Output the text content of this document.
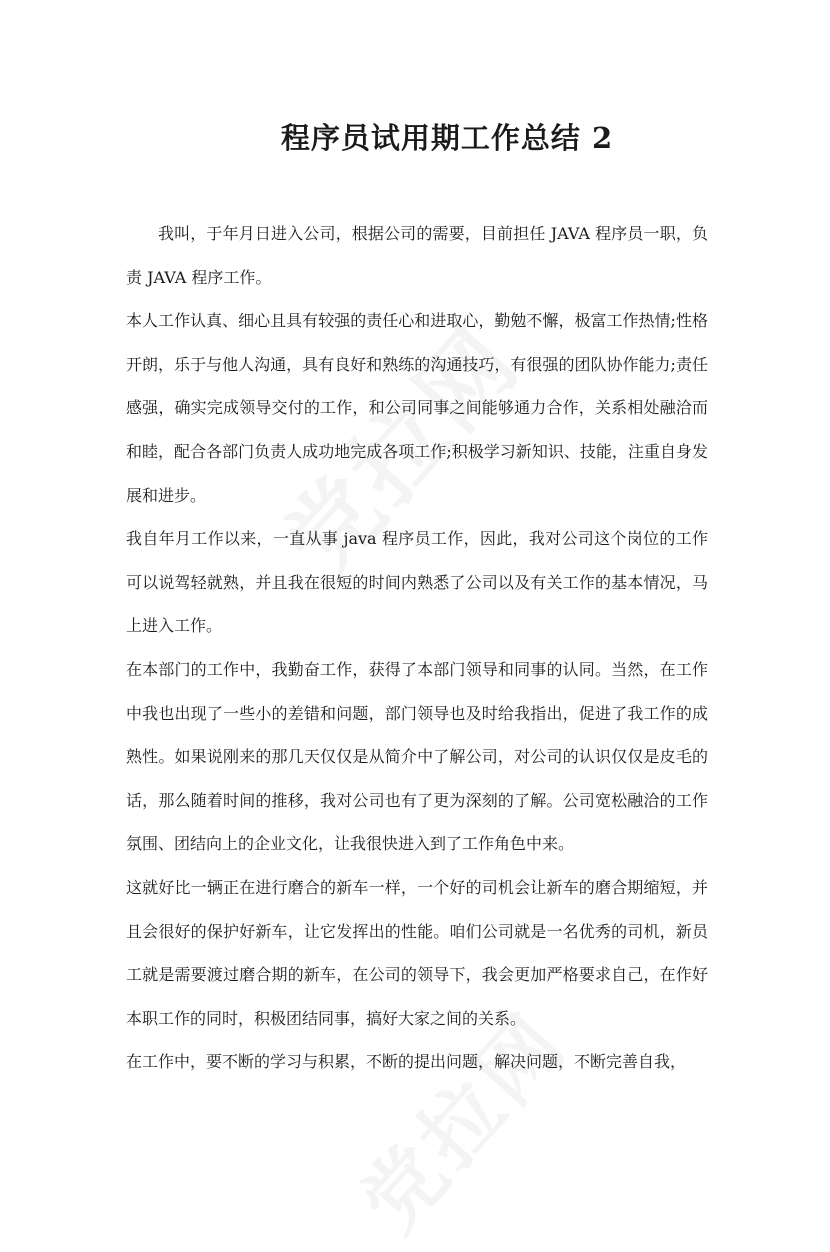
程序员试用期工作总结 2

我叫，于年月日进入公司，根据公司的需要，目前担任 JAVA 程序员一职，负责 JAVA 程序工作。

本人工作认真、细心且具有较强的责任心和进取心，勤勉不懈，极富工作热情;性格开朗，乐于与他人沟通，具有良好和熟练的沟通技巧，有很强的团队协作能力;责任感强，确实完成领导交付的工作，和公司同事之间能够通力合作，关系相处融洽而和睦，配合各部门负责人成功地完成各项工作;积极学习新知识、技能，注重自身发展和进步。

我自年月工作以来，一直从事 java 程序员工作，因此，我对公司这个岗位的工作可以说驾轻就熟，并且我在很短的时间内熟悉了公司以及有关工作的基本情况，马上进入工作。

在本部门的工作中，我勤奋工作，获得了本部门领导和同事的认同。当然，在工作中我也出现了一些小的差错和问题，部门领导也及时给我指出，促进了我工作的成熟性。如果说刚来的那几天仅仅是从简介中了解公司，对公司的认识仅仅是皮毛的话，那么随着时间的推移，我对公司也有了更为深刻的了解。公司宽松融洽的工作氛围、团结向上的企业文化，让我很快进入到了工作角色中来。

这就好比一辆正在进行磨合的新车一样，一个好的司机会让新车的磨合期缩短，并且会很好的保护好新车，让它发挥出的性能。咱们公司就是一名优秀的司机，新员工就是需要渡过磨合期的新车，在公司的领导下，我会更加严格要求自己，在作好本职工作的同时，积极团结同事，搞好大家之间的关系。

在工作中，要不断的学习与积累，不断的提出问题，解决问题，不断完善自我，
